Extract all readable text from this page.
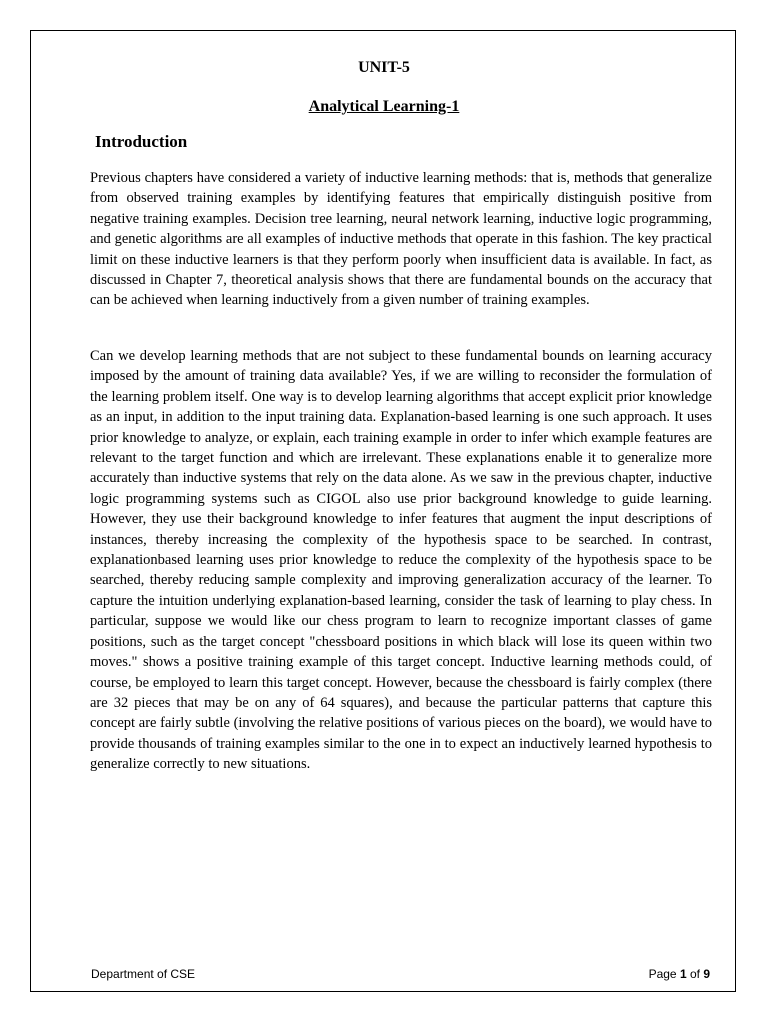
UNIT-5
Analytical Learning-1
Introduction

Previous chapters have considered a variety of inductive learning methods: that is, methods that generalize from observed training examples by identifying features that empirically distinguish positive from negative training examples. Decision tree learning, neural network learning, inductive logic programming, and genetic algorithms are all examples of inductive methods that operate in this fashion. The key practical limit on these inductive learners is that they perform poorly when insufficient data is available. In fact, as discussed in Chapter 7, theoretical analysis shows that there are fundamental bounds on the accuracy that can be achieved when learning inductively from a given number of training examples.

Can we develop learning methods that are not subject to these fundamental bounds on learning accuracy imposed by the amount of training data available? Yes, if we are willing to reconsider the formulation of the learning problem itself. One way is to develop learning algorithms that accept explicit prior knowledge as an input, in addition to the input training data. Explanation-based learning is one such approach. It uses prior knowledge to analyze, or explain, each training example in order to infer which example features are relevant to the target function and which are irrelevant. These explanations enable it to generalize more accurately than inductive systems that rely on the data alone. As we saw in the previous chapter, inductive logic programming systems such as CIGOL also use prior background knowledge to guide learning. However, they use their background knowledge to infer features that augment the input descriptions of instances, thereby increasing the complexity of the hypothesis space to be searched. In contrast, explanationbased learning uses prior knowledge to reduce the complexity of the hypothesis space to be searched, thereby reducing sample complexity and improving generalization accuracy of the learner. To capture the intuition underlying explanation-based learning, consider the task of learning to play chess. In particular, suppose we would like our chess program to learn to recognize important classes of game positions, such as the target concept "chessboard positions in which black will lose its queen within two moves." shows a positive training example of this target concept. Inductive learning methods could, of course, be employed to learn this target concept. However, because the chessboard is fairly complex (there are 32 pieces that may be on any of 64 squares), and because the particular patterns that capture this concept are fairly subtle (involving the relative positions of various pieces on the board), we would have to provide thousands of training examples similar to the one in to expect an inductively learned hypothesis to generalize correctly to new situations.

Department of CSE	Page 1 of 9
